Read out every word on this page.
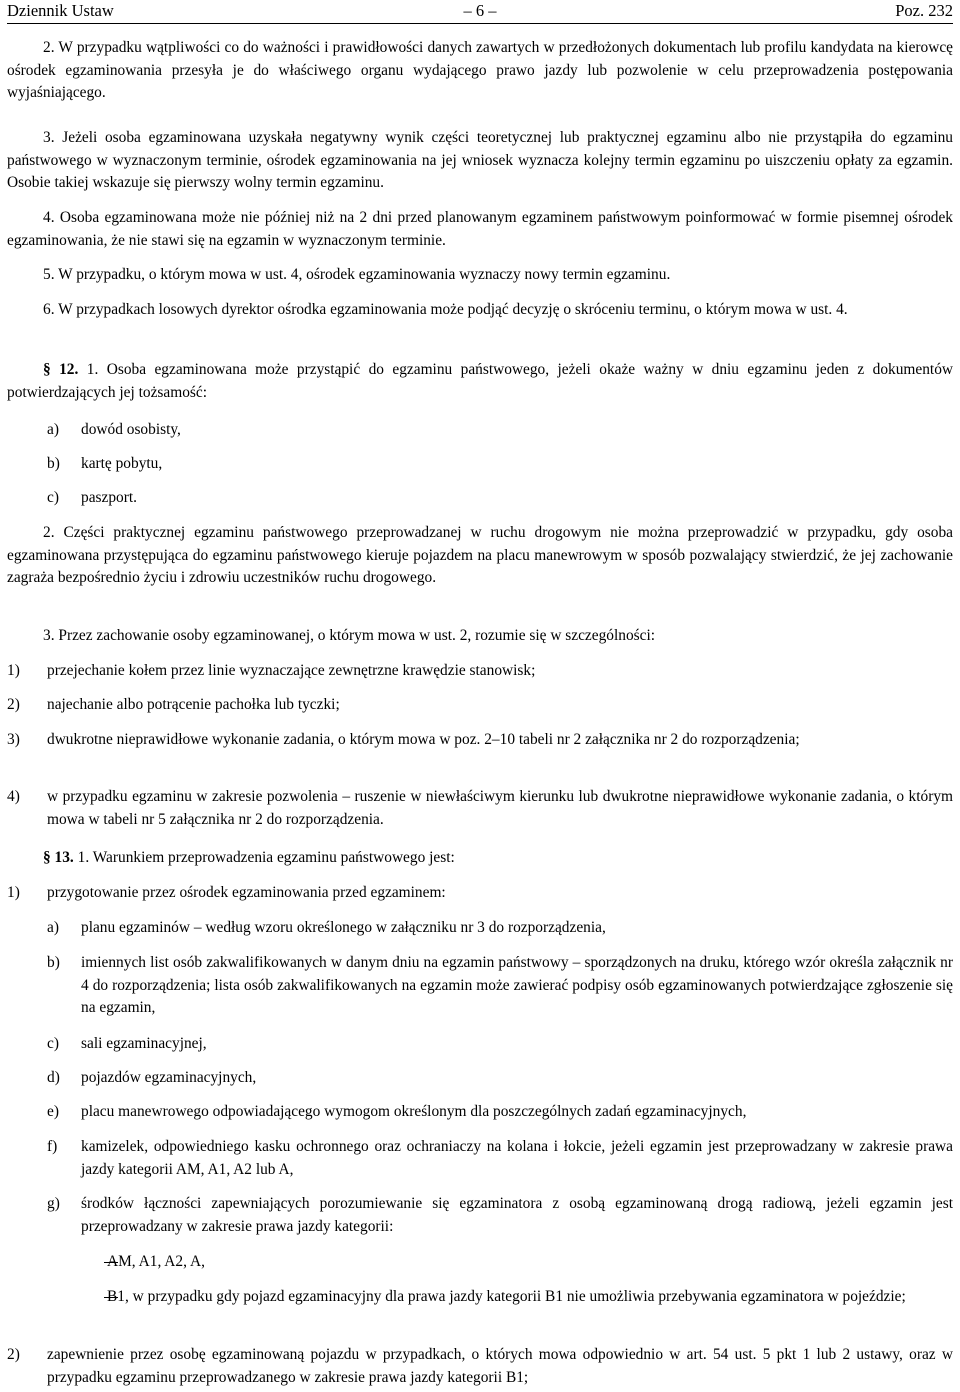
Dziennik Ustaw	– 6 –	Poz. 232

2. W przypadku wątpliwości co do ważności i prawidłowości danych zawartych w przedłożonych dokumentach lub profilu kandydata na kierowcę ośrodek egzaminowania przesyła je do właściwego organu wydającego prawo jazdy lub pozwolenie w celu przeprowadzenia postępowania wyjaśniającego.

3. Jeżeli osoba egzaminowana uzyskała negatywny wynik części teoretycznej lub praktycznej egzaminu albo nie przystąpiła do egzaminu państwowego w wyznaczonym terminie, ośrodek egzaminowania na jej wniosek wyznacza kolejny termin egzaminu po uiszczeniu opłaty za egzamin. Osobie takiej wskazuje się pierwszy wolny termin egzaminu.

4. Osoba egzaminowana może nie później niż na 2 dni przed planowanym egzaminem państwowym poinformować w formie pisemnej ośrodek egzaminowania, że nie stawi się na egzamin w wyznaczonym terminie.

5. W przypadku, o którym mowa w ust. 4, ośrodek egzaminowania wyznaczy nowy termin egzaminu.

6. W przypadkach losowych dyrektor ośrodka egzaminowania może podjąć decyzję o skróceniu terminu, o którym mowa w ust. 4.

§ 12. 1. Osoba egzaminowana może przystąpić do egzaminu państwowego, jeżeli okaże ważny w dniu egzaminu jeden z dokumentów potwierdzających jej tożsamość:

a) dowód osobisty,
b) kartę pobytu,
c) paszport.

2. Części praktycznej egzaminu państwowego przeprowadzanej w ruchu drogowym nie można przeprowadzić w przypadku, gdy osoba egzaminowana przystępująca do egzaminu państwowego kieruje pojazdem na placu manewrowym w sposób pozwalający stwierdzić, że jej zachowanie zagraża bezpośrednio życiu i zdrowiu uczestników ruchu drogowego.

3. Przez zachowanie osoby egzaminowanej, o którym mowa w ust. 2, rozumie się w szczególności:

1) przejechanie kołem przez linie wyznaczające zewnętrzne krawędzie stanowisk;
2) najechanie albo potrącenie pachołka lub tyczki;
3) dwukrotne nieprawidłowe wykonanie zadania, o którym mowa w poz. 2–10 tabeli nr 2 załącznika nr 2 do rozporządzenia;
4) w przypadku egzaminu w zakresie pozwolenia – ruszenie w niewłaściwym kierunku lub dwukrotne nieprawidłowe wykonanie zadania, o którym mowa w tabeli nr 5 załącznika nr 2 do rozporządzenia.

§ 13. 1. Warunkiem przeprowadzenia egzaminu państwowego jest:

1) przygotowanie przez ośrodek egzaminowania przed egzaminem:
a) planu egzaminów – według wzoru określonego w załączniku nr 3 do rozporządzenia,
b) imiennych list osób zakwalifikowanych w danym dniu na egzamin państwowy – sporządzonych na druku, którego wzór określa załącznik nr 4 do rozporządzenia; lista osób zakwalifikowanych na egzamin może zawierać podpisy osób egzaminowanych potwierdzające zgłoszenie się na egzamin,
c) sali egzaminacyjnej,
d) pojazdów egzaminacyjnych,
e) placu manewrowego odpowiadającego wymogom określonym dla poszczególnych zadań egzaminacyjnych,
f) kamizelek, odpowiedniego kasku ochronnego oraz ochraniaczy na kolana i łokcie, jeżeli egzamin jest przeprowadzany w zakresie prawa jazdy kategorii AM, A1, A2 lub A,
g) środków łączności zapewniających porozumiewanie się egzaminatora z osobą egzaminowaną drogą radiową, jeżeli egzamin jest przeprowadzany w zakresie prawa jazdy kategorii:
AM, A1, A2, A,
B1, w przypadku gdy pojazd egzaminacyjny dla prawa jazdy kategorii B1 nie umożliwia przebywania egzaminatora w pojeździe;
2) zapewnienie przez osobę egzaminowaną pojazdu w przypadkach, o których mowa odpowiednio w art. 54 ust. 5 pkt 1 lub 2 ustawy, oraz w przypadku egzaminu przeprowadzanego w zakresie prawa jazdy kategorii B1;
